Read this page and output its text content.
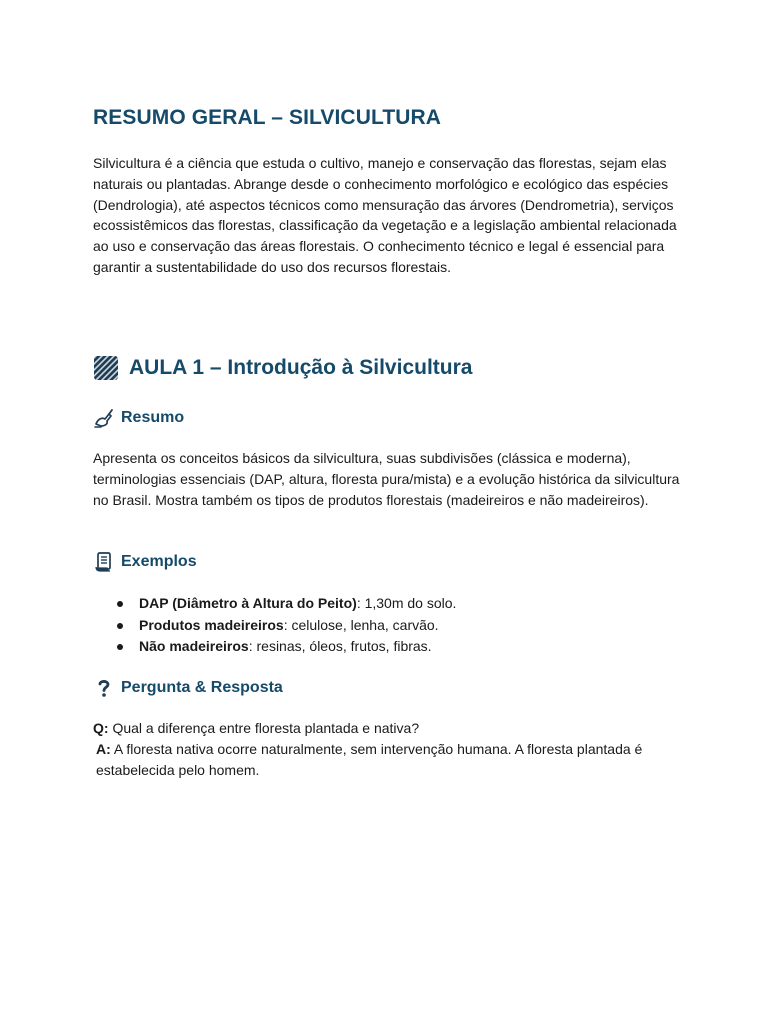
RESUMO GERAL – SILVICULTURA

Silvicultura é a ciência que estuda o cultivo, manejo e conservação das florestas, sejam elas naturais ou plantadas. Abrange desde o conhecimento morfológico e ecológico das espécies (Dendrologia), até aspectos técnicos como mensuração das árvores (Dendrometria), serviços ecossistêmicos das florestas, classificação da vegetação e a legislação ambiental relacionada ao uso e conservação das áreas florestais. O conhecimento técnico e legal é essencial para garantir a sustentabilidade do uso dos recursos florestais.

AULA 1 – Introdução à Silvicultura
Resumo

Apresenta os conceitos básicos da silvicultura, suas subdivisões (clássica e moderna), terminologias essenciais (DAP, altura, floresta pura/mista) e a evolução histórica da silvicultura no Brasil. Mostra também os tipos de produtos florestais (madeireiros e não madeireiros).

Exemplos
DAP (Diâmetro à Altura do Peito): 1,30m do solo.
Produtos madeireiros: celulose, lenha, carvão.
Não madeireiros: resinas, óleos, frutos, fibras.
Pergunta & Resposta

Q: Qual a diferença entre floresta plantada e nativa?

A: A floresta nativa ocorre naturalmente, sem intervenção humana. A floresta plantada é estabelecida pelo homem.
